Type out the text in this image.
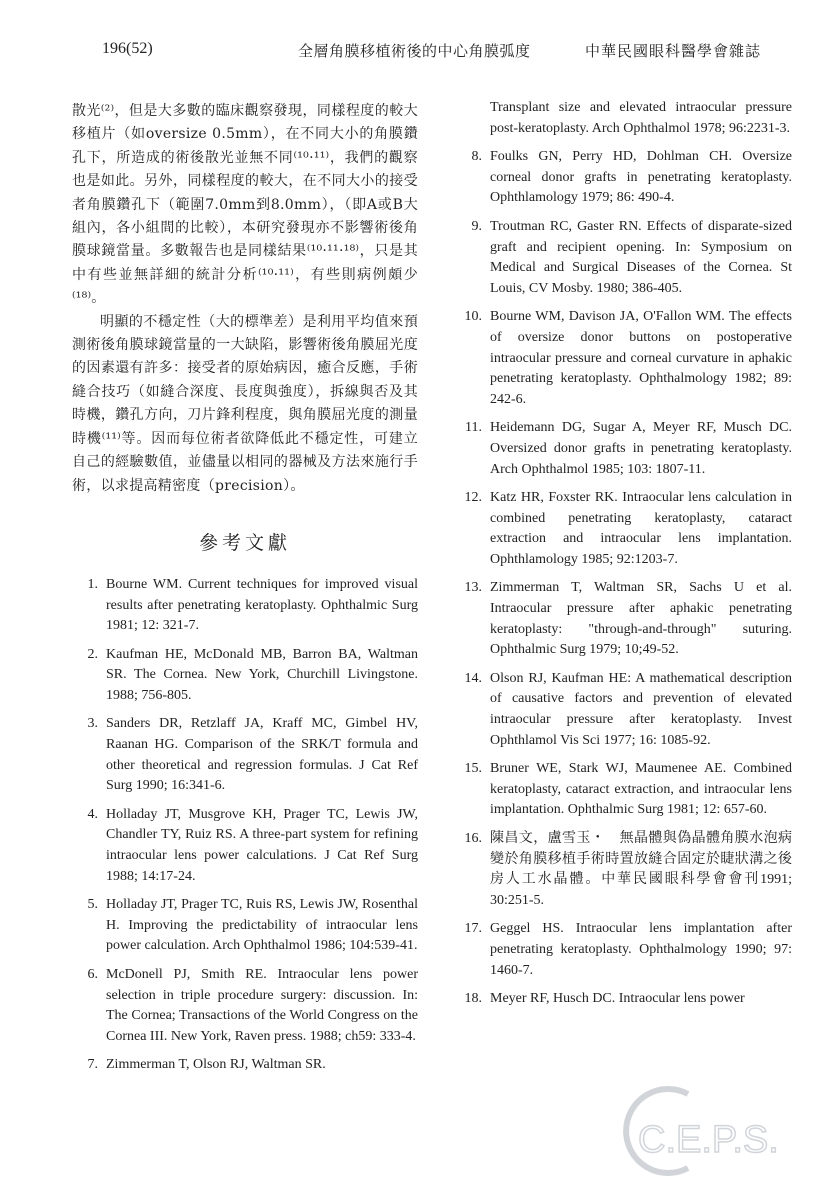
196(52)	全層角膜移植術後的中心角膜弧度	中華民國眼科醫學會雜誌

散光⁽²⁾，但是大多數的臨床觀察發現，同樣程度的較大移植片（如oversize 0.5mm），在不同大小的角膜鑽孔下，所造成的術後散光並無不同⁽¹⁰·¹¹⁾，我們的觀察也是如此。另外，同樣程度的較大，在不同大小的接受者角膜鑽孔下（範圍7.0mm到8.0mm），（即A或B大組內，各小組間的比較），本研究發現亦不影響術後角膜球鏡當量。多數報告也是同樣結果⁽¹⁰·¹¹·¹⁸⁾，只是其中有些並無詳細的統計分析⁽¹⁰·¹¹⁾，有些則病例頗少⁽¹⁸⁾。

明顯的不穩定性（大的標準差）是利用平均值來預測術後角膜球鏡當量的一大缺陷，影響術後角膜屈光度的因素還有許多：接受者的原始病因，癒合反應，手術縫合技巧（如縫合深度、長度與強度），拆線與否及其時機，鑽孔方向，刀片鋒利程度，與角膜屈光度的測量時機⁽¹¹⁾等。因而每位術者欲降低此不穩定性，可建立自己的經驗數值，並儘量以相同的器械及方法來施行手術，以求提高精密度（precision）。

參考文獻
1. Bourne WM. Current techniques for improved visual results after penetrating keratoplasty. Ophthalmic Surg 1981; 12: 321-7.
2. Kaufman HE, McDonald MB, Barron BA, Waltman SR. The Cornea. New York, Churchill Livingstone. 1988; 756-805.
3. Sanders DR, Retzlaff JA, Kraff MC, Gimbel HV, Raanan HG. Comparison of the SRK/T formula and other theoretical and regression formulas. J Cat Ref Surg 1990; 16:341-6.
4. Holladay JT, Musgrove KH, Prager TC, Lewis JW, Chandler TY, Ruiz RS. A three-part system for refining intraocular lens power calculations. J Cat Ref Surg 1988; 14:17-24.
5. Holladay JT, Prager TC, Ruis RS, Lewis JW, Rosenthal H. Improving the predictability of intraocular lens power calculation. Arch Ophthalmol 1986; 104:539-41.
6. McDonell PJ, Smith RE. Intraocular lens power selection in triple procedure surgery: discussion. In: The Cornea; Transactions of the World Congress on the Cornea III. New York, Raven press. 1988; ch59: 333-4.
7. Zimmerman T, Olson RJ, Waltman SR.
Transplant size and elevated intraocular pressure post-keratoplasty. Arch Ophthalmol 1978; 96:2231-3.
8. Foulks GN, Perry HD, Dohlman CH. Oversize corneal donor grafts in penetrating keratoplasty. Ophthlamology 1979; 86: 490-4.
9. Troutman RC, Gaster RN. Effects of disparate-sized graft and recipient opening. In: Symposium on Medical and Surgical Diseases of the Cornea. St Louis, CV Mosby. 1980; 386-405.
10. Bourne WM, Davison JA, O'Fallon WM. The effects of oversize donor buttons on postoperative intraocular pressure and corneal curvature in aphakic penetrating keratoplasty. Ophthalmology 1982; 89: 242-6.
11. Heidemann DG, Sugar A, Meyer RF, Musch DC. Oversized donor grafts in penetrating keratoplasty. Arch Ophthalmol 1985; 103: 1807-11.
12. Katz HR, Foxster RK. Intraocular lens calculation in combined penetrating keratoplasty, cataract extraction and intraocular lens implantation. Ophthlamology 1985; 92:1203-7.
13. Zimmerman T, Waltman SR, Sachs U et al. Intraocular pressure after aphakic penetrating keratoplasty: "through-and-through" suturing. Ophthalmic Surg 1979; 10;49-52.
14. Olson RJ, Kaufman HE: A mathematical description of causative factors and prevention of elevated intraocular pressure after keratoplasty. Invest Ophthlamol Vis Sci 1977; 16: 1085-92.
15. Bruner WE, Stark WJ, Maumenee AE. Combined keratoplasty, cataract extraction, and intraocular lens implantation. Ophthalmic Surg 1981; 12: 657-60.
16. 陳昌文，盧雪玉・　無晶體與偽晶體角膜水泡病變於角膜移植手術時置放縫合固定於睫狀溝之後房人工水晶體。中華民國眼科學會會刊1991; 30:251-5.
17. Geggel HS. Intraocular lens implantation after penetrating keratoplasty. Ophthalmology 1990; 97: 1460-7.
18. Meyer RF, Husch DC. Intraocular lens power
C.E.P.S.
